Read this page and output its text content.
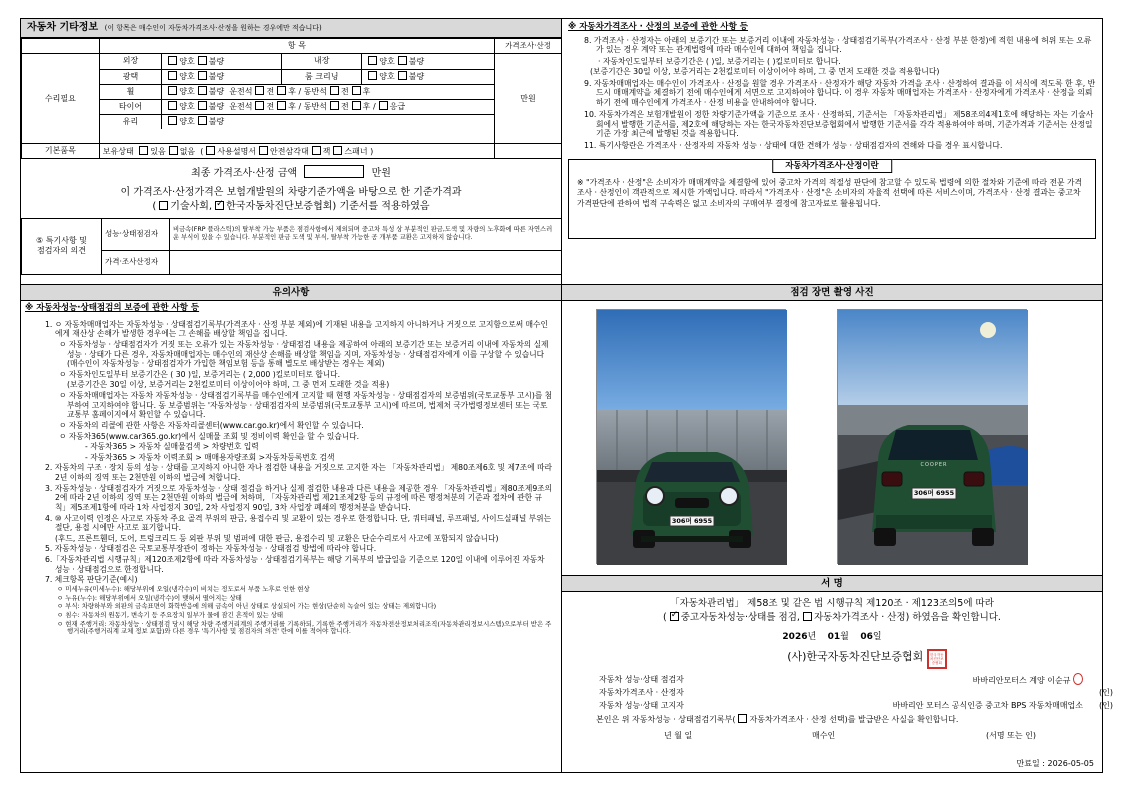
자동차 기타정보 (이 항목은 매수인이 자동차가격조사·산정을 원하는 경우에만 적습니다)
	항 목	가격조사·산정
수리필요	
외장	양호 불량	내장	양호 불량
광택	양호 불량	룸 크리닝	양호 불량
휠	양호 불량 운전석 전 후 / 동반석 전 후
타이어	양호 불량 운전석 전 후 / 동반석 전 후 / 응급
유리	양호 불량
	만원

기본품목	보유상태 있음 없음 ( 사용설명서 안전삼각대 잭 스패너 )	
최종 가격조사·산정 금액	만원
이 가격조사·산정가격은 보험개발원의 차량기준가액을 바탕으로 한 기준가격과
( 기술사회, ✓ 한국자동차진단보증협회) 기준서를 적용하였음
⑤ 특기사항 및
점검자의 의견	성능·상태점검자	비금속(FRP 플라스틱)의 탈부착 가능 부품은 점검사항에서 제외되며 중고차 특성 상 부분적인 판금,도색 및 자량의 노후화에 따른 자연스러운 부식이 있을 수 있습니다. 부분적인 판금 도색 및 부식, 탈부착 가능한 공 개부품 교환은 고지하지 않습니다.
	가격·조사산정자	
※ 자동차가격조사 · 산정의 보증에 관한 사항 등

8. 가격조사 · 산정자는 아래의 보증기간 또는 보증거리 이내에 자동차성능 · 상태점검기록부(가격조사 · 산정 부분 한정)에 적힌 내용에 허위 또는 오류가 있는 경우 계약 또는 관계법령에 따라 매수인에 대하여 책임을 집니다.

· 자동차인도일부터 보증기간은 ( )일, 보증거리는 ( )킬로미터로 합니다.

(보증기간은 30일 이상, 보증거리는 2천킬로미터 이상이어야 하며, 그 중 먼저 도래한 것을 적용합니다)

9. 자동차매매업자는 매수인이 가격조사 · 산정을 원할 경우 가격조사 · 산정자가 해당 자동차 가격을 조사 · 산정하여 결과를 이 서식에 적도록 한 후, 반드시 매매계약을 체결하기 전에 매수인에게 서면으로 고지하여야 합니다. 이 경우 자동차 매매업자는 가격조사 · 산정자에게 가격조사 · 산정을 의뢰하기 전에 매수인에게 가격조사 · 산정 비용을 안내하여야 합니다.

10. 자동차가격은 보험개발원이 정한 차량기준가액을 기준으로 조사 · 산정하되, 기준서는 「자동차관리법」 제58조의4제1호에 해당하는 자는 기술사회에서 발행한 기준서를, 제2호에 해당하는 자는 한국자동차진단보증협회에서 발행한 기준서를 각각 적용하여야 하며, 기준가격과 기준서는 산정일 기준 가장 최근에 발행된 것을 적용합니다.

11. 특기사항란은 가격조사 · 산정자의 자동차 성능 · 상태에 대한 견해가 성능 · 상태점검자의 견해와 다를 경우 표시합니다.

자동차가격조사·산정이란
※ "가격조사 · 산정"은 소비자가 매매계약을 체결함에 있어 중고차 가격의 적절성 판단에 참고할 수 있도록 법령에 의한 절차와 기준에 따라 전문 가격조사 · 산정인이 객관적으로 제시한 가액입니다. 따라서 "가격조사 · 산정"은 소비자의 자율적 선택에 따른 서비스이며, 가격조사 · 산정 결과는 중고차 가격판단에 관하여 법적 구속력은 없고 소비자의 구매여부 결정에 참고자료로 활용됩니다.
유의사항
※ 자동차성능·상태점검의 보증에 관한 사항 등

1. ㅇ 자동차매매업자는 자동차성능 · 상태점검기록부(가격조사 · 산정 부분 제외)에 기재된 내용을 고지하지 아니하거나 거짓으로 고지함으로써 매수인에게 재산상 손해가 발생한 경우에는 그 손해를 배상할 책임을 집니다.

ㅇ 자동차성능 · 상태점검자가 거짓 또는 오류가 있는 자동차성능 · 상태점검 내용을 제공하여 아래의 보증기간 또는 보증거리 이내에 자동차의 실제 성능 · 상태가 다른 경우, 자동차매매업자는 매수인의 재산상 손해를 배상할 책임을 지며, 자동차성능 · 상태점검자에게 이를 구상할 수 있습니다(매수인이 자동차성능 · 상태점검자가 가입한 책임보험 등을 통해 별도로 배상받는 경우는 제외)

ㅇ 자동차인도일부터 보증기간은 ( 30 )일, 보증거리는 ( 2,000 )킬로미터로 합니다.

(보증기간은 30일 이상, 보증거리는 2천킬로미터 이상이어야 하며, 그 중 먼저 도래한 것을 적용)

ㅇ 자동차매매업자는 자동차 자동차성능 · 상태점검기록부를 매수인에게 고지할 때 현행 자동차성능 · 상태점검자의 보증범위(국토교통부 고시)를 첨부하여 고지하여야 합니다. 동 보증범위는 '자동차성능 · 상태점검자의 보증범위(국토교통부 고시)에 따르며, 법제처 국가법령정보센터 또는 국토교통부 홈페이지에서 확인할 수 있습니다.

ㅇ 자동차의 리콜에 관한 사항은 자동차리콜센터(www.car.go.kr)에서 확인할 수 있습니다.

ㅇ 자동차365(www.car365.go.kr)에서 실매물 조회 및 정비이력 확인을 할 수 있습니다.

- 자동차365 > 자동차 실매물검색 > 차량번호 입력

- 자동차365 > 자동차 이력조회 > 매매용자량조회 >자동차등록번호 검색

2. 자동차의 구조 · 장치 등의 성능 · 상태를 고지하지 아니한 자나 점검한 내용을 거짓으로 고지한 자는 「자동차관리법」 제80조제6호 및 제7조에 따라 2년 이하의 징역 또는 2천만원 이하의 벌금에 처합니다.

3. 자동차성능 · 상태점검자가 거짓으로 자동차성능 · 상태 점검을 하거나 실제 점검한 내용과 다른 내용을 제공한 경우 「자동차관리법」제80조제9조의2에 따라 2년 이하의 징역 또는 2천만원 이하의 벌금에 처하며, 「자동차관리법 제21조제2항 등의 규정에 따른 행정처분의 기준과 절차에 관한 규칙」제5조제1항에 따라 1차 사업정지 30일, 2차 사업정지 90일, 3차 사업장 폐쇄의 행정처분을 받습니다.

4. ⑩ 사고이력 인정은 사고로 자동차 주요 골격 부위의 판금, 용접수리 및 교환이 있는 경우로 한정합니다. 단, 쿼터패널, 루프패널, 사이드실패널 부위는 절단, 용접 시에만 사고로 표기합니다.

(후드, 프론트휀더, 도어, 트렁크리드 등 외판 부위 및 범퍼에 대한 판금, 용접수리 및 교환은 단순수리로서 사고에 포함되지 않습니다)

5. 자동차성능 · 상태점검은 국토교통부장관이 정하는 자동차성능 · 상태점검 방법에 따라야 합니다.

6.「자동차관리법 시행규칙」제120조제2항에 따라 자동차성능 · 상태점검기록부는 해당 기록부의 발급일을 기준으로 120일 이내에 이루어진 자동차 성능 · 상태점검으로 한정합니다.

7. 체크항목 판단기준(예시)

ㅇ 미세누유(미세누수): 해당부위에 오일(냉각수)이 비치는 정도로서 부품 노후로 인한 현상

ㅇ 누유(누수): 해당부위에서 오일(냉각수)이 맺혀서 떨어지는 상태

ㅇ 부식: 차량하부와 외판의 금속표면이 화학반응에 의해 금속이 아닌 상태로 상실되어 가는 현상(단순히 녹슬어 있는 상태는 제외합니다)

ㅇ 침수: 자동차의 원동기, 변속기 등 주요장치 일부가 물에 잠긴 흔적이 있는 상태

ㅇ 현재 주행거리: 자동차성능 · 상태점검 당시 해당 차량 주행거리계의 주행거리를 기록하되, 기록한 주행거리가 자동차전산정보처리조직(자동차관리정보시스템)으로부터 받은 주행거리(주행거리계 교체 정보 포함)와 다른 경우 '특기사항 및 점검자의 의견' 란에 이를 적어야 합니다.

점검 장면 촬영 사진
306머 6955
COOPER
306머 6955
서 명
「자동차관리법」 제58조 및 같은 법 시행규칙 제120조 · 제123조의5에 따라
( ✓ 중고자동차성능·상태를 점검, 자동차가격조사 · 산정) 하였음을 확인합니다.
2026년 01월 06일
(사)한국자동차진단보증협회 한국자동차진단보증협회
자동차 성능·상태 점검자	바바리안모터스 계양 이순규	
자동차가격조사 · 산정자		(인)
자동차 성능·상태 고지자	바바리안 모터스 공식인증 중고차 BPS 자동차매매업소	(인)
본인은 위 자동차성능 · 상태점검기록부( 자동차가격조사 · 산정 선택)를 발급받은 사실을 확인합니다.
년 월 일	매수인	(서명 또는 인)
만료일 : 2026-05-05
